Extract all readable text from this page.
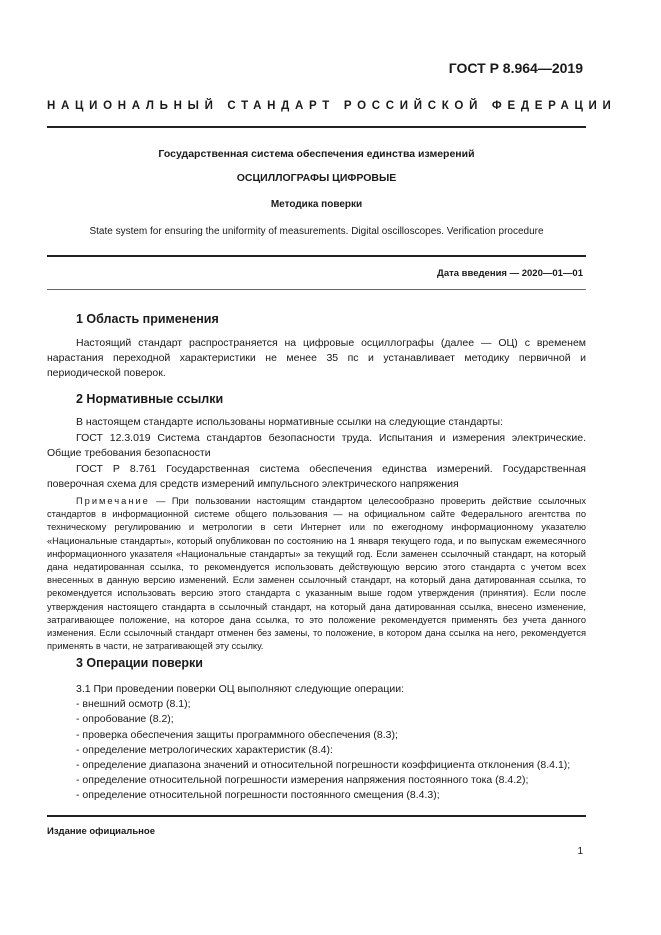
ГОСТ Р 8.964—2019
НАЦИОНАЛЬНЫЙ СТАНДАРТ РОССИЙСКОЙ ФЕДЕРАЦИИ
Государственная система обеспечения единства измерений
ОСЦИЛЛОГРАФЫ ЦИФРОВЫЕ
Методика поверки
State system for ensuring the uniformity of measurements. Digital oscilloscopes. Verification procedure
Дата введения — 2020—01—01
1 Область применения
Настоящий стандарт распространяется на цифровые осциллографы (далее — ОЦ) с временем нарастания переходной характеристики не менее 35 пс и устанавливает методику первичной и периодической поверок.
2 Нормативные ссылки
В настоящем стандарте использованы нормативные ссылки на следующие стандарты:
ГОСТ 12.3.019 Система стандартов безопасности труда. Испытания и измерения электрические. Общие требования безопасности
ГОСТ Р 8.761 Государственная система обеспечения единства измерений. Государственная поверочная схема для средств измерений импульсного электрического напряжения
Примечание — При пользовании настоящим стандартом целесообразно проверить действие ссылочных стандартов в информационной системе общего пользования — на официальном сайте Федерального агентства по техническому регулированию и метрологии в сети Интернет или по ежегодному информационному указателю «Национальные стандарты», который опубликован по состоянию на 1 января текущего года, и по выпускам ежемесячного информационного указателя «Национальные стандарты» за текущий год. Если заменен ссылочный стандарт, на который дана недатированная ссылка, то рекомендуется использовать действующую версию этого стандарта с учетом всех внесенных в данную версию изменений. Если заменен ссылочный стандарт, на который дана датированная ссылка, то рекомендуется использовать версию этого стандарта с указанным выше годом утверждения (принятия). Если после утверждения настоящего стандарта в ссылочный стандарт, на который дана датированная ссылка, внесено изменение, затрагивающее положение, на которое дана ссылка, то это положение рекомендуется применять без учета данного изменения. Если ссылочный стандарт отменен без замены, то положение, в котором дана ссылка на него, рекомендуется применять в части, не затрагивающей эту ссылку.
3 Операции поверки
3.1 При проведении поверки ОЦ выполняют следующие операции:
- внешний осмотр (8.1);
- опробование (8.2);
- проверка обеспечения защиты программного обеспечения (8.3);
- определение метрологических характеристик (8.4):
- определение диапазона значений и относительной погрешности коэффициента отклонения (8.4.1);
- определение относительной погрешности измерения напряжения постоянного тока (8.4.2);
- определение относительной погрешности постоянного смещения (8.4.3);
Издание официальное
1
